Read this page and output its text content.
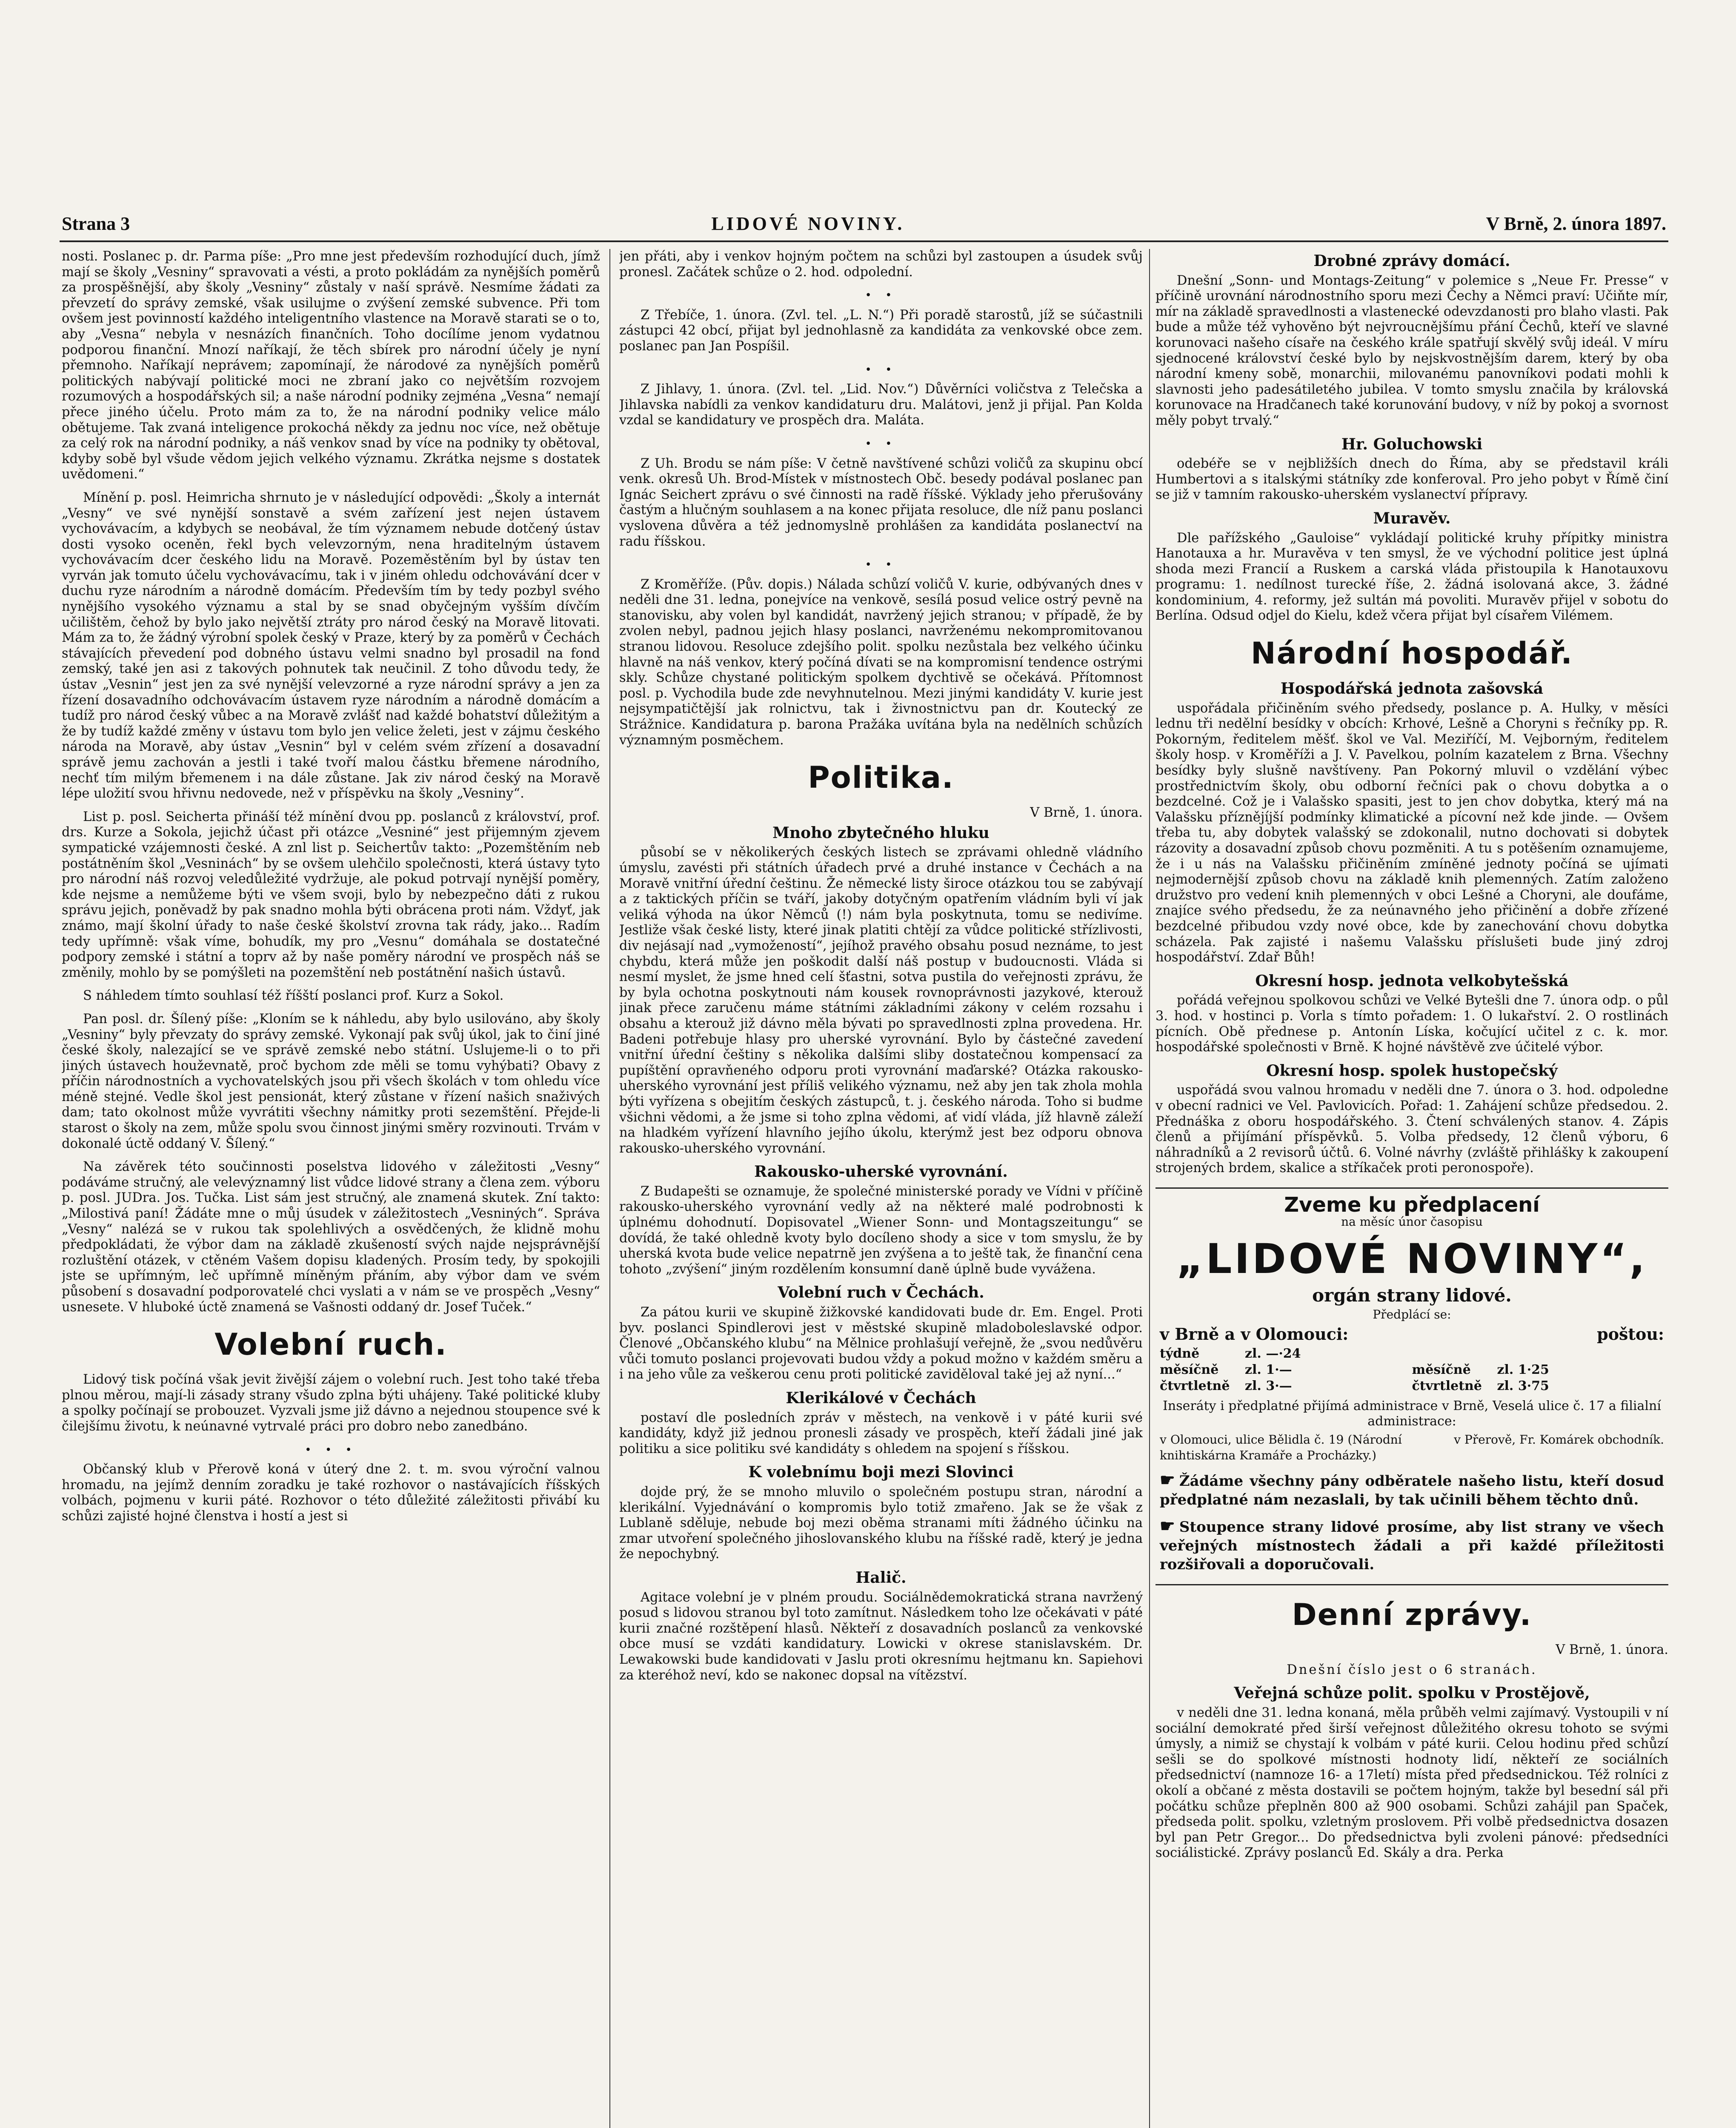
Strana 3	LIDOVÉ NOVINY.	V Brně, 2. února 1897.

nosti. Poslanec p. dr. Parma píše: „Pro mne jest především rozhodující duch, jímž mají se školy „Vesniny“ spravovati a vésti, a proto pokládám za nynějších poměrů za prospěšnější, aby školy „Vesniny“ zůstaly v naší správě. Nesmíme žádati za převzetí do správy zemské, však usilujme o zvýšení zemské subvence. Při tom ovšem jest povinností každého inteligentního vlastence na Moravě starati se o to, aby „Vesna“ nebyla v nesnázích finančních. Toho docílíme jenom vydatnou podporou finanční. Mnozí naříkají, že těch sbírek pro národní účely je nyní přemnoho. Naříkají neprávem; zapomínají, že národové za nynějších poměrů politických nabývají politické moci ne zbraní jako co největším rozvojem rozumových a hospodářských sil; a naše národní podniky zejména „Vesna“ nemají přece jiného účelu. Proto mám za to, že na národní podniky velice málo obětujeme. Tak zvaná inteligence prokochá někdy za jednu noc více, než obětuje za celý rok na národní podniky, a náš venkov snad by více na podniky ty obětoval, kdyby sobě byl všude vědom jejich velkého významu. Zkrátka nejsme s dostatek uvědomeni.“

Mínění p. posl. Heimricha shrnuto je v následující odpovědi: „Školy a internát „Vesny“ ve své nynější sonstavě a svém zařízení jest nejen ústavem vychovávacím, a kdybych se neobával, že tím významem nebude dotčený ústav dosti vysoko oceněn, řekl bych velevzorným, nena hraditelným ústavem vychovávacím dcer českého lidu na Moravě. Pozeměstěním byl by ústav ten vyrván jak tomuto účelu vychovávacímu, tak i v jiném ohledu odchovávání dcer v duchu ryze národním a národně domácím. Především tím by tedy pozbyl svého nynějšího vysokého významu a stal by se snad obyčejným vyšším dívčím učilištěm, čehož by bylo jako největší ztráty pro národ český na Moravě litovati. Mám za to, že žádný výrobní spolek český v Praze, který by za poměrů v Čechách stávajících převedení pod dobného ústavu velmi snadno byl prosadil na fond zemský, také jen asi z takových pohnutek tak neučinil. Z toho důvodu tedy, že ústav „Vesnin“ jest jen za své nynější velevzorné a ryze národní správy a jen za řízení dosavadního odchovávacím ústavem ryze národním a národně domácím a tudíž pro národ český vůbec a na Moravě zvlášť nad každé bohatství důležitým a že by tudíž každé změny v ústavu tom bylo jen velice želeti, jest v zájmu českého národa na Moravě, aby ústav „Vesnin“ byl v celém svém zřízení a dosavadní správě jemu zachován a jestli i také tvoří malou částku břemene národního, nechť tím milým břemenem i na dále zůstane. Jak ziv národ český na Moravě lépe uložití svou hřivnu nedovede, než v příspěvku na školy „Vesniny“.

List p. posl. Seicherta přináší též mínění dvou pp. poslanců z království, prof. drs. Kurze a Sokola, jejichž účast při otázce „Vesniné“ jest přijemným zjevem sympatické vzájemnosti české. A znl list p. Seichertův takto: „Pozemštěním neb postátněním škol „Vesninách“ by se ovšem ulehčilo společnosti, která ústavy tyto pro národní náš rozvoj veledůležité vydržuje, ale pokud potrvají nynější poměry, kde nejsme a nemůžeme býti ve všem svoji, bylo by nebezpečno dáti z rukou správu jejich, poněvadž by pak snadno mohla býti obrácena proti nám. Vždyť, jak známo, mají školní úřady to naše české školství zrovna tak rády, jako... Radím tedy upřímně: však víme, bohudík, my pro „Vesnu“ domáhala se dostatečné podpory zemské i státní a toprv až by naše poměry národní ve prospěch náš se změnily, mohlo by se pomýšleti na pozemštění neb postátnění našich ústavů.

S náhledem tímto souhlasí též říšští poslanci prof. Kurz a Sokol.

Pan posl. dr. Šílený píše: „Kloním se k náhledu, aby bylo usilováno, aby školy „Vesniny“ byly převzaty do správy zemské. Vykonají pak svůj úkol, jak to činí jiné české školy, nalezající se ve správě zemské nebo státní. Uslujeme-li o to při jiných ústavech houževnatě, proč bychom zde měli se tomu vyhýbati? Obavy z příčin národnostních a vychovatelských jsou při všech školách v tom ohledu více méně stejné. Vedle škol jest pensionát, který zůstane v řízení našich snaživých dam; tato okolnost může vyvrátiti všechny námitky proti sezemštění. Přejde-li starost o školy na zem, může spolu svou činnost jinými směry rozvinouti. Trvám v dokonalé úctě oddaný V. Šílený.“

Na závěrek této součinnosti poselstva lidového v záležitosti „Vesny“ podáváme stručný, ale velevýznamný list vůdce lidové strany a člena zem. výboru p. posl. JUDra. Jos. Tučka. List sám jest stručný, ale znamená skutek. Zní takto: „Milostivá paní! Žádáte mne o můj úsudek v záležitostech „Vesniných“. Správa „Vesny“ nalézá se v rukou tak spolehlivých a osvědčených, že klidně mohu předpokládati, že výbor dam na základě zkušeností svých najde nejsprávnější rozluštění otázek, v ctěném Vašem dopisu kladených. Prosím tedy, by spokojili jste se upřímným, leč upřímně míněným přáním, aby výbor dam ve svém působení s dosavadní podporovatelé chci vyslati a v nám se ve prospěch „Vesny“ usnesete. V hluboké úctě znamená se Vašnosti oddaný dr. Josef Tuček.“

Volební ruch.

Lidový tisk počíná však jevit živější zájem o volební ruch. Jest toho také třeba plnou měrou, mají-li zásady strany všudo zplna býti uhájeny. Také politické kluby a spolky počínají se probouzet. Vyzvali jsme již dávno a nejednou stoupence své k čilejšímu životu, k neúnavné vytrvalé práci pro dobro nebo zanedbáno.

• • •

Občanský klub v Přerově koná v úterý dne 2. t. m. svou výroční valnou hromadu, na jejímž denním zoradku je také rozhovor o nastávajících říšských volbách, pojmenu v kurii páté. Rozhovor o této důležité záležitosti přivábí ku schůzi zajisté hojné členstva i hostí a jest si

jen přáti, aby i venkov hojným počtem na schůzi byl zastoupen a úsudek svůj pronesl. Začátek schůze o 2. hod. odpolední.

• •

Z Třebíče, 1. února. (Zvl. tel. „L. N.“) Při poradě starostů, jíž se súčastnili zástupci 42 obcí, přijat byl jednohlasně za kandidáta za venkovské obce zem. poslanec pan Jan Pospíšil.

• •

Z Jihlavy, 1. února. (Zvl. tel. „Lid. Nov.“) Důvěrníci voličstva z Telečska a Jihlavska nabídli za venkov kandidaturu dru. Malátovi, jenž ji přijal. Pan Kolda vzdal se kandidatury ve prospěch dra. Maláta.

• •

Z Uh. Brodu se nám píše: V četně navštívené schůzi voličů za skupinu obcí venk. okresů Uh. Brod-Místek v místnostech Obč. besedy podával poslanec pan Ignác Seichert zprávu o své činnosti na radě říšské. Výklady jeho přerušovány častým a hlučným souhlasem a na konec přijata resoluce, dle níž panu poslanci vyslovena důvěra a též jednomyslně prohlášen za kandidáta poslanectví na radu říšskou.

• •

Z Kroměříže. (Pův. dopis.) Nálada schůzí voličů V. kurie, odbývaných dnes v neděli dne 31. ledna, ponejvíce na venkově, sesílá posud velice ostrý pevně na stanovisku, aby volen byl kandidát, navržený jejich stranou; v případě, že by zvolen nebyl, padnou jejich hlasy poslanci, navrženému nekompromitovanou stranou lidovou. Resoluce zdejšího polit. spolku nezůstala bez velkého účinku hlavně na náš venkov, který počíná dívati se na kompromisní tendence ostrými skly. Schůze chystané politickým spolkem dychtivě se očekává. Přítomnost posl. p. Vychodila bude zde nevyhnutelnou. Mezi jinými kandidáty V. kurie jest nejsympatičtější jak rolnictvu, tak i živnostnictvu pan dr. Koutecký ze Strážnice. Kandidatura p. barona Pražáka uvítána byla na nedělních schůzích významným posměchem.

Politika.
V Brně, 1. února.
Mnoho zbytečného hluku

působí se v několikerých českých listech se zprávami ohledně vládního úmyslu, zavésti při státních úřadech prvé a druhé instance v Čechách a na Moravě vnitřní úřední češtinu. Že německé listy široce otázkou tou se zabývají a z taktických příčin se tváří, jakoby dotyčným opatřením vládním byli ví jak veliká výhoda na úkor Němců (!) nám byla poskytnuta, tomu se nedivíme. Jestliže však české listy, které jinak platiti chtějí za vůdce politické střízlivosti, div nejásají nad „vymožeností“, jejíhož pravého obsahu posud neznáme, to jest chybdu, která může jen poškodit další náš postup v budoucnosti. Vláda si nesmí myslet, že jsme hned celí šťastni, sotva pustila do veřejnosti zprávu, že by byla ochotna poskytnouti nám kousek rovnoprávnosti jazykové, kterouž jinak přece zaručenu máme státními základními zákony v celém rozsahu i obsahu a kterouž již dávno měla bývati po spravedlnosti zplna provedena. Hr. Badeni potřebuje hlasy pro uherské vyrovnání. Bylo by částečné zavedení vnitřní úřední češtiny s několika dalšími sliby dostatečnou kompensací za pupíštění opravňeného odporu proti vyrovnání maďarské? Otázka rakousko-uherského vyrovnání jest příliš velikého významu, než aby jen tak zhola mohla býti vyřízena s obejitím českých zástupců, t. j. českého národa. Toho si budme všichni vědomi, a že jsme si toho zplna vědomi, ať vidí vláda, jíž hlavně záleží na hladkém vyřízení hlavního jejího úkolu, kterýmž jest bez odporu obnova rakousko-uherského vyrovnání.

Rakousko-uherské vyrovnání.

Z Budapešti se oznamuje, že společné ministerské porady ve Vídni v příčině rakousko-uherského vyrovnání vedly až na některé malé podrobnosti k úplnému dohodnutí. Dopisovatel „Wiener Sonn- und Montagszeitungu“ se dovídá, že také ohledně kvoty bylo docíleno shody a sice v tom smyslu, že by uherská kvota bude velice nepatrně jen zvýšena a to ještě tak, že finanční cena tohoto „zvýšení“ jiným rozdělením konsumní daně úplně bude vyvážena.

Volební ruch v Čechách.

Za pátou kurii ve skupině žižkovské kandidovati bude dr. Em. Engel. Proti byv. poslanci Spindlerovi jest v městské skupině mladoboleslavské odpor. Členové „Občanského klubu“ na Mělnice prohlašují veřejně, že „svou nedůvěru vůči tomuto poslanci projevovati budou vždy a pokud možno v každém směru a i na jeho vůle za veškerou cenu proti politické zaviděloval také jej až nyní...“

Klerikálové v Čechách

postaví dle posledních zpráv v městech, na venkově i v páté kurii své kandidáty, když již jednou pronesli zásady ve prospěch, kteří žádali jiné jak politiku a sice politiku své kandidáty s ohledem na spojení s říšskou.

K volebnímu boji mezi Slovinci

dojde prý, že se mnoho mluvilo o společném postupu stran, národní a klerikální. Vyjednávání o kompromis bylo totiž zmařeno. Jak se že však z Lublaně sděluje, nebude boj mezi oběma stranami míti žádného účinku na zmar utvoření společného jihoslovanského klubu na říšské radě, který je jedna že nepochybný.

Halič.

Agitace volební je v plném proudu. Sociálnědemokratická strana navržený posud s lidovou stranou byl toto zamítnut. Následkem toho lze očekávati v páté kurii značné rozštěpení hlasů. Někteří z dosavadních poslanců za venkovské obce musí se vzdáti kandidatury. Lowicki v okrese stanislavském. Dr. Lewakowski bude kandidovati v Jaslu proti okresnímu hejtmanu kn. Sapiehovi za kteréhož neví, kdo se nakonec dopsal na vítězství.

Drobné zprávy domácí.

Dnešní „Sonn- und Montags-Zeitung“ v polemice s „Neue Fr. Presse“ v příčině urovnání národnostního sporu mezi Čechy a Němci praví: Učiňte mír, mír na základě spravedlnosti a vlastenecké odevzdanosti pro blaho vlasti. Pak bude a může též vyhověno být nejvroucnějšímu přání Čechů, kteří ve slavné korunovaci našeho císaře na českého krále spatřují skvělý svůj ideál. V míru sjednocené království české bylo by nejskvostnějším darem, který by oba národní kmeny sobě, monarchii, milovanému panovníkovi podati mohli k slavnosti jeho padesátiletého jubilea. V tomto smyslu značila by královská korunovace na Hradčanech také korunování budovy, v níž by pokoj a svornost měly pobyt trvalý.“

Hr. Goluchowski

odebéře se v nejbližších dnech do Říma, aby se představil králi Humbertovi a s italskými státníky zde konferoval. Pro jeho pobyt v Římě činí se již v tamním rakousko-uherském vyslanectví přípravy.

Muravěv.

Dle pařížského „Gauloise“ vykládají politické kruhy přípitky ministra Hanotauxa a hr. Muravěva v ten smysl, že ve východní politice jest úplná shoda mezi Francií a Ruskem a carská vláda přistoupila k Hanotauxovu programu: 1. nedílnost turecké říše, 2. žádná isolovaná akce, 3. žádné kondominium, 4. reformy, jež sultán má povoliti. Muravěv přijel v sobotu do Berlína. Odsud odjel do Kielu, kdež včera přijat byl císařem Vilémem.

Národní hospodář.
Hospodářská jednota zašovská

uspořádala přičiněním svého předsedy, poslance p. A. Hulky, v měsíci lednu tři nedělní besídky v obcích: Krhové, Lešně a Choryni s řečníky pp. R. Pokorným, ředitelem měšť. škol ve Val. Meziříčí, M. Vejborným, ředitelem školy hosp. v Kroměříži a J. V. Pavelkou, polním kazatelem z Brna. Všechny besídky byly slušně navštíveny. Pan Pokorný mluvil o vzdělání výbec prostřednictvím školy, obu odborní řečníci pak o chovu dobytka a o bezdcelné. Což je i Valašsko spasiti, jest to jen chov dobytka, který má na Valašsku příznějíjší podmínky klimatické a pícovní než kde jinde. — Ovšem třeba tu, aby dobytek valašský se zdokonalil, nutno dochovati si dobytek rázovity a dosavadní způsob chovu pozměniti. A tu s potěšením oznamujeme, že i u nás na Valašsku přičiněním zmíněné jednoty počíná se ujímati nejmodernější způsob chovu na základě knih plemenných. Zatím založeno družstvo pro vedení knih plemenných v obci Lešné a Choryni, ale doufáme, znajíce svého předsedu, že za neúnavného jeho přičinění a dobře zřízené bezdcelné přibudou vzdy nové obce, kde by zanechování chovu dobytka scházela. Pak zajisté i našemu Valašsku příslušeti bude jiný zdroj hospodářství. Zdař Bůh!

Okresní hosp. jednota velkobytešská

pořádá veřejnou spolkovou schůzi ve Velké Bytešli dne 7. února odp. o půl 3. hod. v hostinci p. Vorla s tímto pořadem: 1. O lukařství. 2. O rostlinách pícních. Obě přednese p. Antonín Líska, kočující učitel z c. k. mor. hospodářské společnosti v Brně. K hojné návštěvě zve účitelé výbor.

Okresní hosp. spolek hustopečský

uspořádá svou valnou hromadu v neděli dne 7. února o 3. hod. odpoledne v obecní radnici ve Vel. Pavlovicích. Pořad: 1. Zahájení schůze předsedou. 2. Přednáška z oboru hospodářského. 3. Čtení schválených stanov. 4. Zápis členů a přijímání příspěvků. 5. Volba předsedy, 12 členů výboru, 6 náhradníků a 2 revisorů účtů. 6. Volné návrhy (zvláště přihlášky k zakoupení strojených brdem, skalice a stříkaček proti peronospoře).

Zveme ku předplacení
na měsíc únor časopisu
„LIDOVÉ NOVINY“,
orgán strany lidové.
Předplácí se:
v Brně a v Olomouci:	poštou:
týdně	zl. —·24
měsíčně	zl. 1·—	měsíčně	zl. 1·25
čtvrtletně	zl. 3·—	čtvrtletně	zl. 3·75
Inseráty i předplatné přijímá administrace v Brně, Veselá ulice č. 17 a filialní administrace:
v Olomouci, ulice Bělidla č. 19 (Národní knihtiskárna Kramáře a Procházky.)
v Přerově, Fr. Komárek obchodník.

☛ Žádáme všechny pány odběratele našeho listu, kteří dosud předplatné nám nezaslali, by tak učinili během těchto dnů.

☛ Stoupence strany lidové prosíme, aby list strany ve všech veřejných místnostech žádali a při každé příležitosti rozšiřovali a doporučovali.

Denní zprávy.
V Brně, 1. února.

Dnešní číslo jest o 6 stranách.

Veřejná schůze polit. spolku v Prostějově,

v neděli dne 31. ledna konaná, měla průběh velmi zajímavý. Vystoupili v ní sociální demokraté před širší veřejnost důležitého okresu tohoto se svými úmysly, a nimiž se chystají k volbám v páté kurii. Celou hodinu před schůzí sešli se do spolkové místnosti hodnoty lidí, někteří ze sociálních předsednictví (namnoze 16- a 17letí) místa před předsednickou. Též rolníci z okolí a občané z města dostavili se počtem hojným, takže byl besední sál při počátku schůze přeplněn 800 až 900 osobami. Schůzi zahájil pan Spaček, předseda polit. spolku, vzletným proslovem. Při volbě předsednictva dosazen byl pan Petr Gregor... Do předsednictva byli zvoleni pánové: předsedníci sociálistické. Zprávy poslanců Ed. Skály a dra. Perka
